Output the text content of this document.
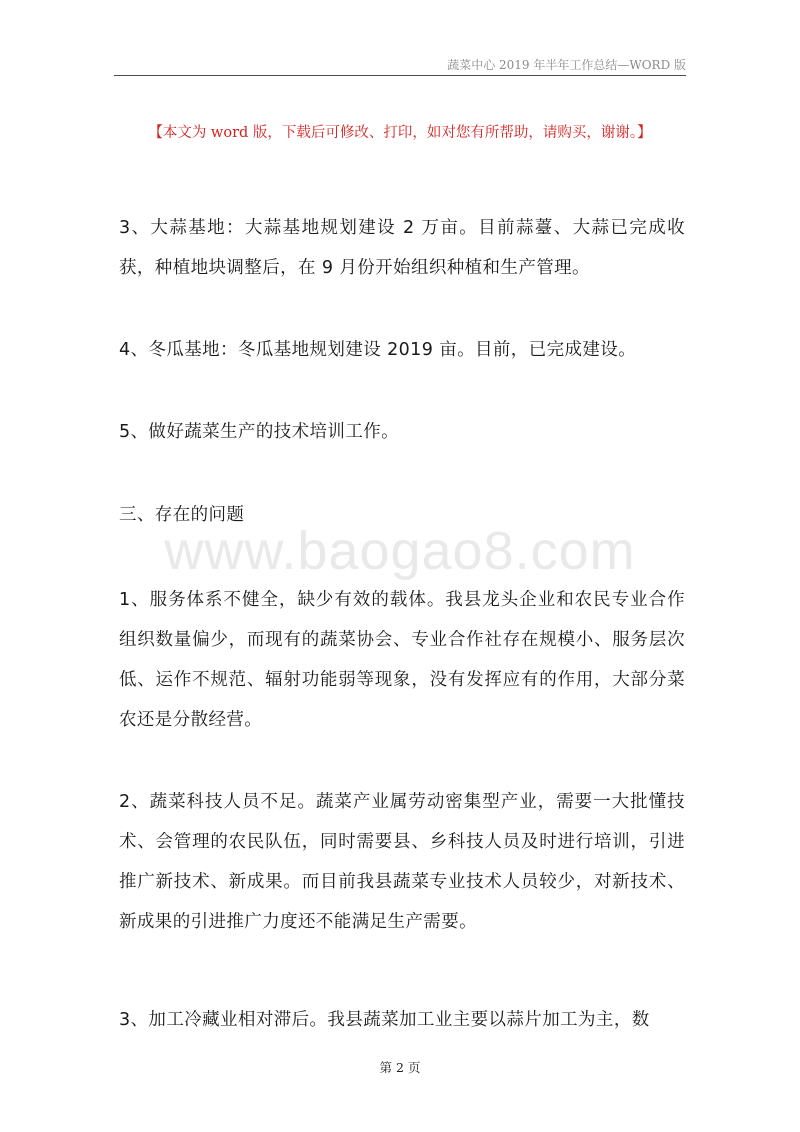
蔬菜中心 2019 年半年工作总结—WORD 版
【本文为 word 版，下载后可修改、打印，如对您有所帮助，请购买，谢谢。】
www.baogao8.com
3、大蒜基地：大蒜基地规划建设 2 万亩。目前蒜薹、大蒜已完成收获，种植地块调整后，在 9 月份开始组织种植和生产管理。
4、冬瓜基地：冬瓜基地规划建设 2019 亩。目前，已完成建设。
5、做好蔬菜生产的技术培训工作。
三、存在的问题
1、服务体系不健全，缺少有效的载体。我县龙头企业和农民专业合作组织数量偏少，而现有的蔬菜协会、专业合作社存在规模小、服务层次低、运作不规范、辐射功能弱等现象，没有发挥应有的作用，大部分菜农还是分散经营。
2、蔬菜科技人员不足。蔬菜产业属劳动密集型产业，需要一大批懂技术、会管理的农民队伍，同时需要县、乡科技人员及时进行培训，引进推广新技术、新成果。而目前我县蔬菜专业技术人员较少，对新技术、新成果的引进推广力度还不能满足生产需要。
3、加工冷藏业相对滞后。我县蔬菜加工业主要以蒜片加工为主，数
第 2 页
